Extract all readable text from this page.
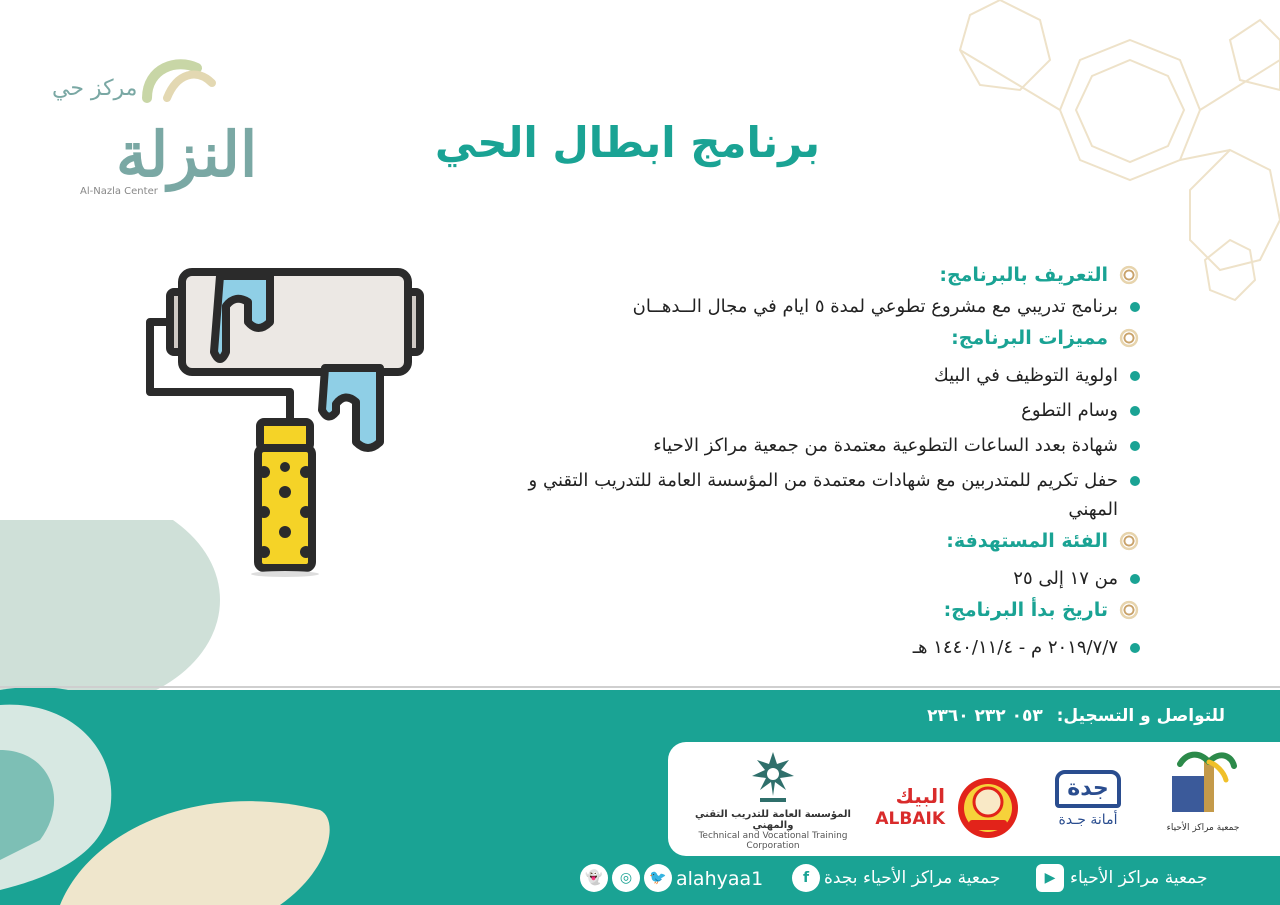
مركز حي
النزلة
Al-Nazla Center
برنامج ابطال الحي
التعريف بالبرنامج:
برنامج تدريبي مع مشروع تطوعي لمدة ٥ ايام في مجال الــدهــان
مميزات البرنامج:
اولوية التوظيف في البيك
وسام التطوع
شهادة بعدد الساعات التطوعية معتمدة من جمعية مراكز الاحياء
حفل تكريم للمتدربين مع شهادات معتمدة من المؤسسة العامة للتدريب التقني و المهني
الفئة المستهدفة:
من ١٧ إلى ٢٥
تاريخ بدأ البرنامج:
٢٠١٩/٧/٧ م - ١٤٤٠/١١/٤ هـ
للتواصل و التسجيل: ٠٥٣ ٢٣٢ ٢٣٦٠
المؤسسة العامة للتدريب التقني والمهني
Technical and Vocational Training Corporation
البيك
ALBAIK
جدة
أمانة جـدة	جمعية مراكز الأحياء
👻	◎	🐦 alahyaa1	f جمعية مراكز الأحياء بجدة	▶ جمعية مراكز الأحياء
